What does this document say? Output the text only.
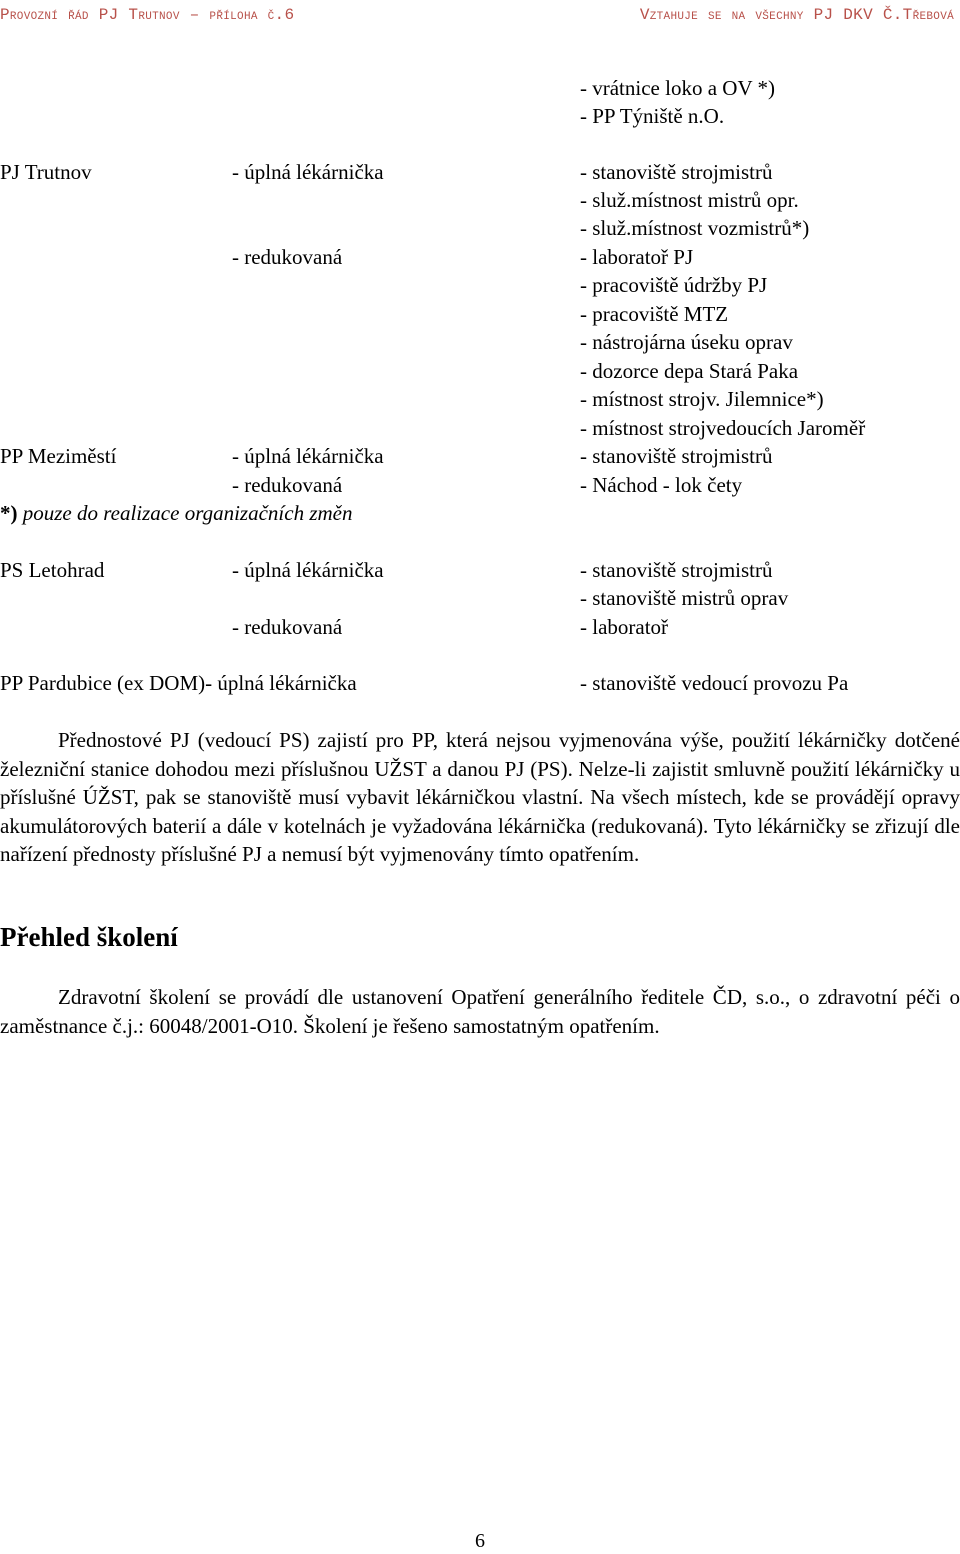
Provozní řád PJ Trutnov – příloha č.6	Vztahuje se na všechny PJ DKV Č.Třebová
- vrátnice loko a OV *)
- PP Týniště n.O.
PJ Trutnov	- úplná lékárnička	- stanoviště strojmistrů
- služ.místnost mistrů opr.
- služ.místnost vozmistrů*)
- redukovaná	- laboratoř PJ
- pracoviště údržby PJ
- pracoviště MTZ
- nástrojárna úseku oprav
- dozorce depa Stará Paka
- místnost strojv. Jilemnice*)
- místnost strojvedoucích Jaroměř
PP Meziměstí	- úplná lékárnička	- stanoviště strojmistrů
- redukovaná	- Náchod - lok čety
*) pouze do realizace organizačních změn
PS Letohrad	- úplná lékárnička	- stanoviště strojmistrů
- stanoviště mistrů oprav
- redukovaná	- laboratoř
PP Pardubice (ex DOM)- úplná lékárnička	- stanoviště vedoucí provozu Pa

Přednostové PJ (vedoucí PS) zajistí pro PP, která nejsou vyjmenována výše, použití lékárničky dotčené železniční stanice dohodou mezi příslušnou UŽST a danou PJ (PS). Nelze-li zajistit smluvně použití lékárničky u příslušné ÚŽST, pak se stanoviště musí vybavit lékárničkou vlastní. Na všech místech, kde se provádějí opravy akumulátorových baterií a dále v kotelnách je vyžadována lékárnička (redukovaná). Tyto lékárničky se zřizují dle nařízení přednosty příslušné PJ a nemusí být vyjmenovány tímto opatřením.

Přehled školení

Zdravotní školení se provádí dle ustanovení Opatření generálního ředitele ČD, s.o., o zdravotní péči o zaměstnance č.j.: 60048/2001-O10. Školení je řešeno samostatným opatřením.

6
